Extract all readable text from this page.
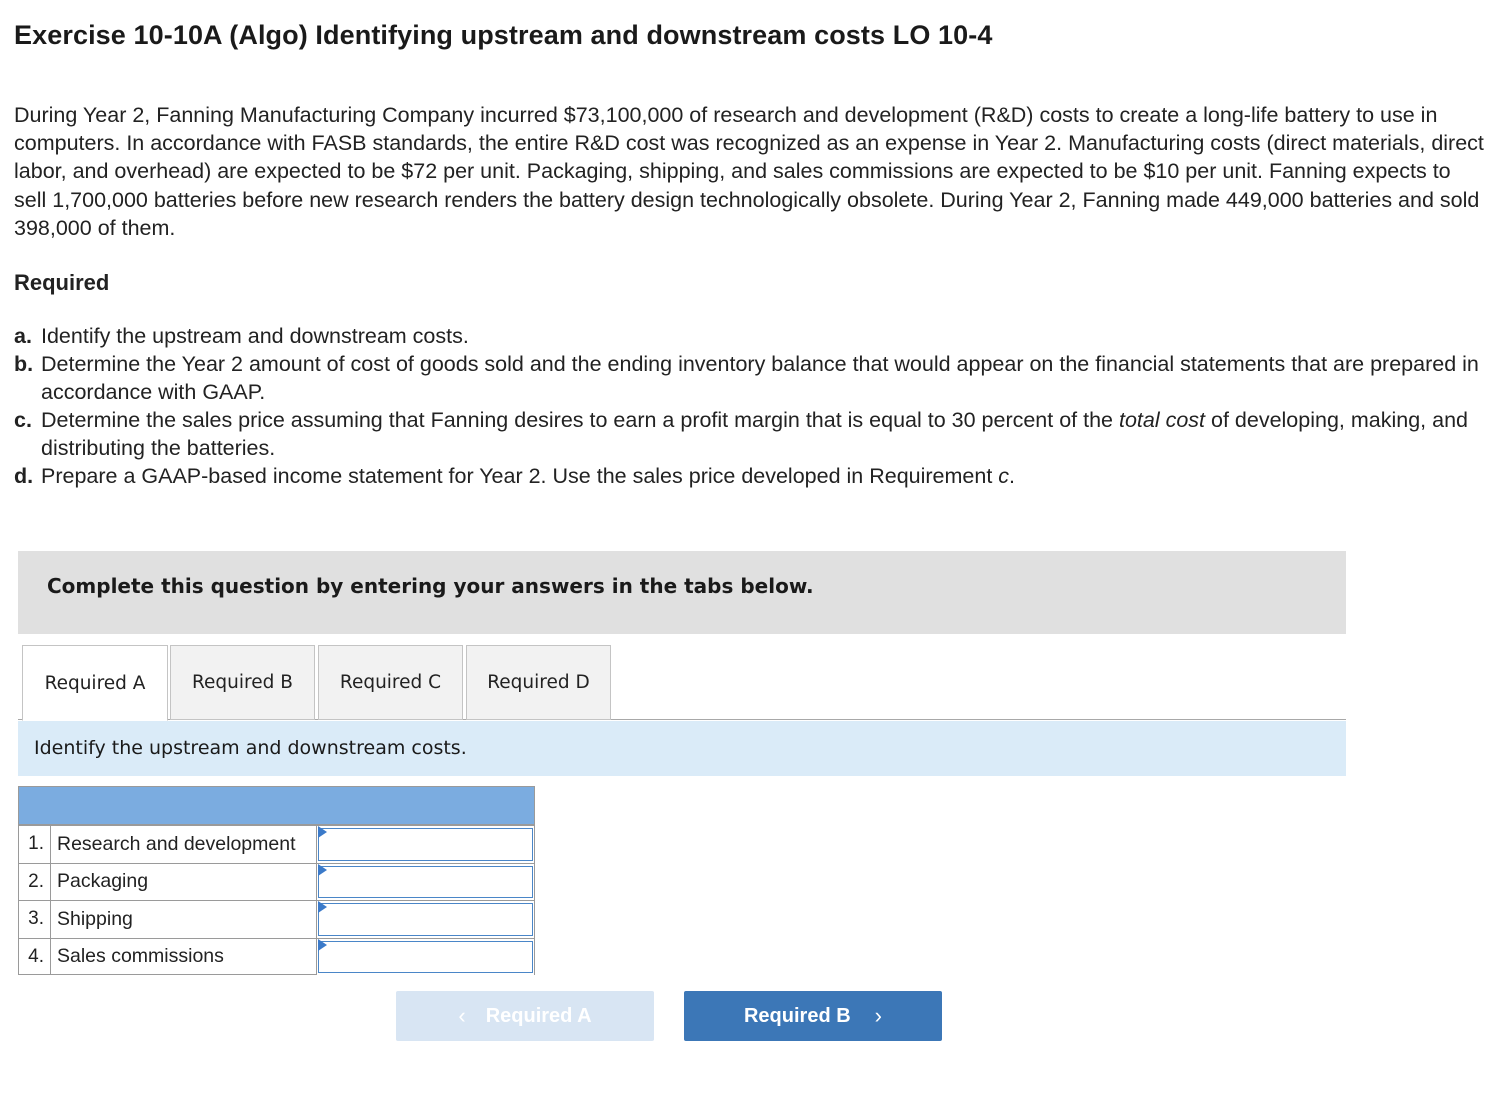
Exercise 10-10A (Algo) Identifying upstream and downstream costs LO 10-4
During Year 2, Fanning Manufacturing Company incurred $73,100,000 of research and development (R&D) costs to create a long-life battery to use in computers. In accordance with FASB standards, the entire R&D cost was recognized as an expense in Year 2. Manufacturing costs (direct materials, direct labor, and overhead) are expected to be $72 per unit. Packaging, shipping, and sales commissions are expected to be $10 per unit. Fanning expects to sell 1,700,000 batteries before new research renders the battery design technologically obsolete. During Year 2, Fanning made 449,000 batteries and sold 398,000 of them.
Required
a. Identify the upstream and downstream costs.
b. Determine the Year 2 amount of cost of goods sold and the ending inventory balance that would appear on the financial statements that are prepared in accordance with GAAP.
c. Determine the sales price assuming that Fanning desires to earn a profit margin that is equal to 30 percent of the total cost of developing, making, and distributing the batteries.
d. Prepare a GAAP-based income statement for Year 2. Use the sales price developed in Requirement c.
Complete this question by entering your answers in the tabs below.
Required A	Required B	Required C	Required D
Identify the upstream and downstream costs.
1. Research and development
2. Packaging
3. Shipping
4. Sales commissions
‹ Required A	Required B ›
